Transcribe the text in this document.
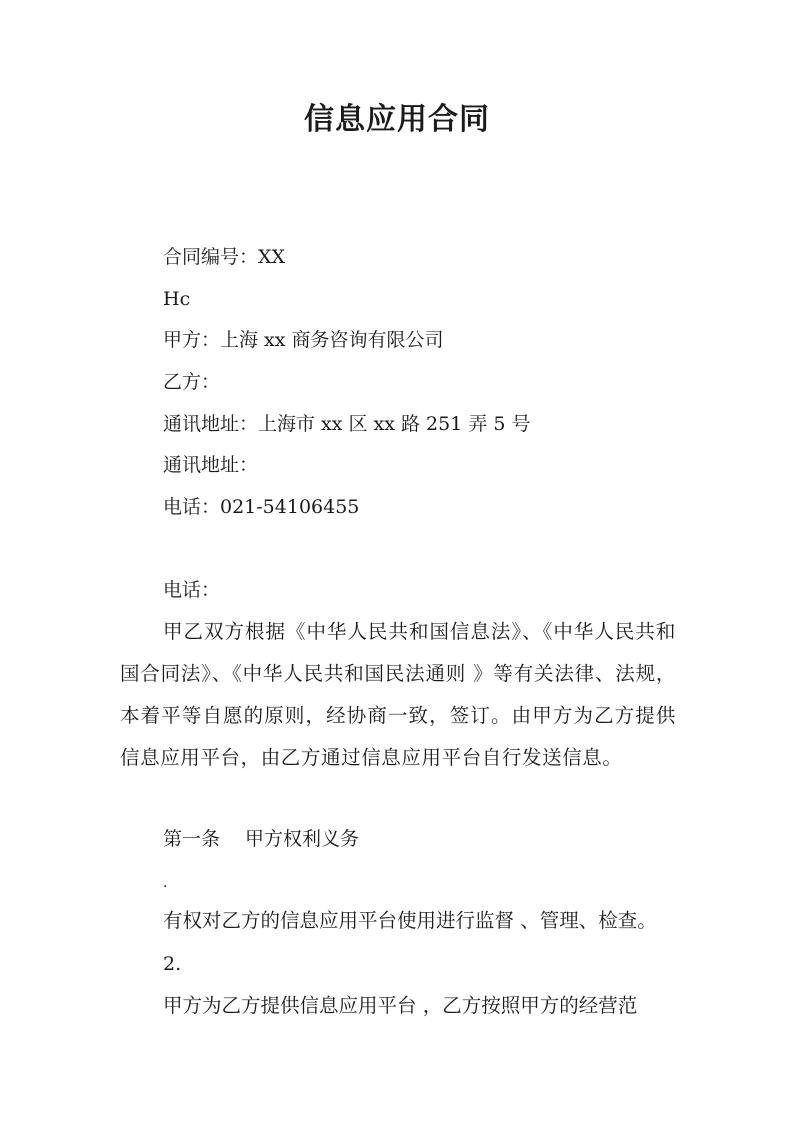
信息应用合同
合同编号：XX
Hc
甲方：上海 xx 商务咨询有限公司
乙方：
通讯地址：上海市 xx 区 xx 路 251 弄 5 号
通讯地址：
电话：021-54106455
电话：
甲乙双方根据《中华人民共和国信息法》、《中华人民共和国合同法》、《中华人民共和国民法通则 》等有关法律、法规，本着平等自愿的原则，经协商一致，签订。由甲方为乙方提供信息应用平台，由乙方通过信息应用平台自行发送信息。
第一条　 甲方权利义务
.
有权对乙方的信息应用平台使用进行监督 、管理、检查。
2.
甲方为乙方提供信息应用平台 ，乙方按照甲方的经营范
